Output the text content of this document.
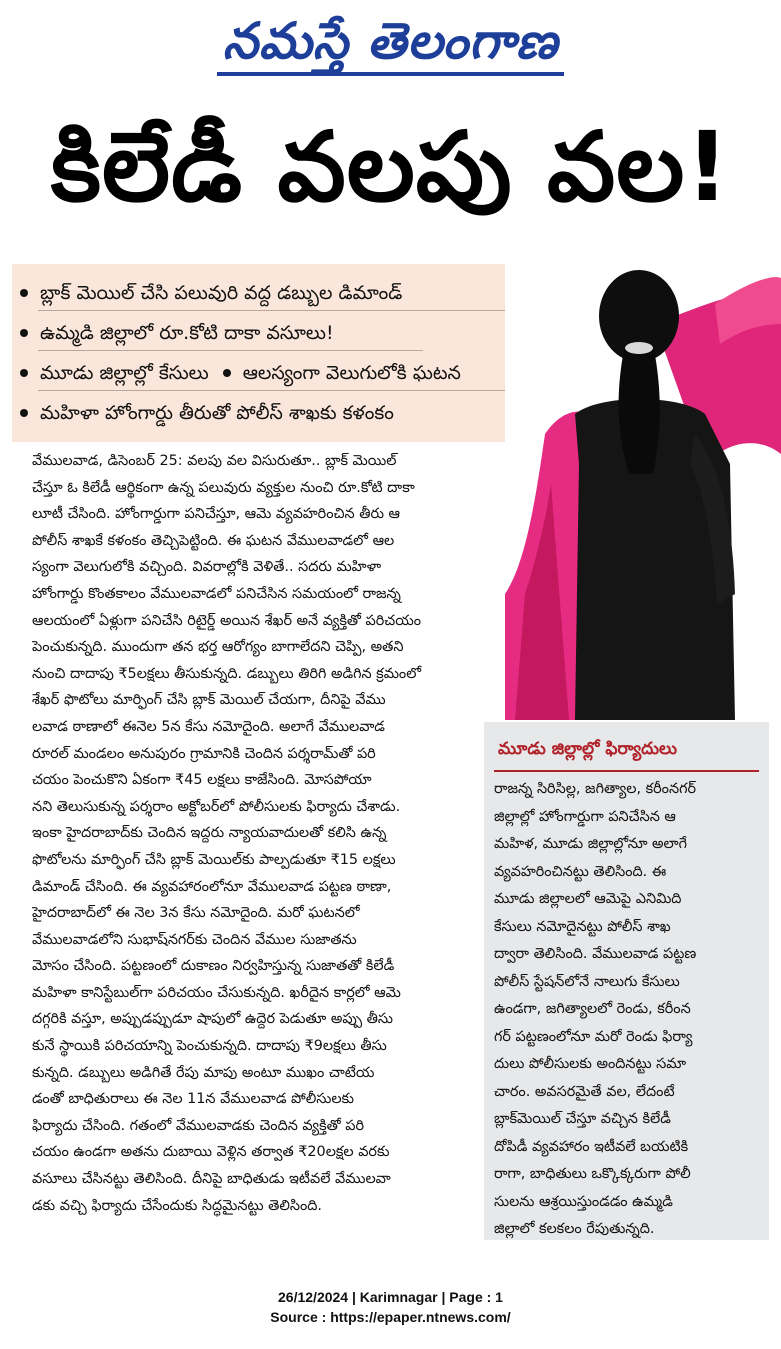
నమస్తే తెలంగాణ
కిలేడీ వలపు వల!
బ్లాక్ మెయిల్ చేసి పలువురి వద్ద డబ్బుల డిమాండ్
ఉమ్మడి జిల్లాలో రూ.కోటి దాకా వసూలు!
మూడు జిల్లాల్లో కేసులు ఆలస్యంగా వెలుగులోకి ఘటన
మహిళా హోంగార్డు తీరుతో పోలీస్ శాఖకు కళంకం
వేములవాడ, డిసెంబర్ 25: వలపు వల విసురుతూ.. బ్లాక్ మెయిల్
చేస్తూ ఓ కిలేడీ ఆర్థికంగా ఉన్న పలువురు వ్యక్తుల నుంచి రూ.కోటి దాకా
లూటీ చేసింది. హోంగార్డుగా పనిచేస్తూ, ఆమె వ్యవహరించిన తీరు ఆ
పోలీస్ శాఖకే కళంకం తెచ్చిపెట్టింది. ఈ ఘటన వేములవాడలో ఆల
స్యంగా వెలుగులోకి వచ్చింది. వివరాల్లోకి వెళితే.. సదరు మహిళా
హోంగార్డు కొంతకాలం వేములవాడలో పనిచేసిన సమయంలో రాజన్న
ఆలయంలో ఏళ్లుగా పనిచేసి రిటైర్డ్ అయిన శేఖర్ అనే వ్యక్తితో పరిచయం
పెంచుకున్నది. ముందుగా తన భర్త ఆరోగ్యం బాగాలేదని చెప్పి, అతని
నుంచి దాదాపు ₹5లక్షలు తీసుకున్నది. డబ్బులు తిరిగి అడిగిన క్రమంలో
శేఖర్ ఫొటోలు మార్ఫింగ్ చేసి బ్లాక్ మెయిల్ చేయగా, దీనిపై వేము
లవాడ ఠాణాలో ఈనెల 5న కేసు నమోదైంది. అలాగే వేములవాడ
రూరల్ మండలం అనుపురం గ్రామానికి చెందిన పర్శరామ్‌తో పరి
చయం పెంచుకొని ఏకంగా ₹45 లక్షలు కాజేసింది. మోసపోయా
నని తెలుసుకున్న పర్శరాం అక్టోబర్‌లో పోలీసులకు ఫిర్యాదు చేశాడు.
ఇంకా హైదరాబాద్‌కు చెందిన ఇద్దరు న్యాయవాదులతో కలిసి ఉన్న
ఫొటోలను మార్ఫింగ్ చేసి బ్లాక్ మెయిల్‌కు పాల్పడుతూ ₹15 లక్షలు
డిమాండ్ చేసింది. ఈ వ్యవహారంలోనూ వేములవాడ పట్టణ ఠాణా,
హైదరాబాద్‌లో ఈ నెల 3న కేసు నమోదైంది. మరో ఘటనలో
వేములవాడలోని సుభాష్‌నగర్‌కు చెందిన వేముల సుజాతను
మోసం చేసింది. పట్టణంలో దుకాణం నిర్వహిస్తున్న సుజాతతో కిలేడీ
మహిళా కానిస్టేబుల్‌గా పరిచయం చేసుకున్నది. ఖరీదైన కార్లలో ఆమె
దగ్గరికి వస్తూ, అప్పుడప్పుడూ షాపులో ఉద్దెర పెడుతూ అప్పు తీసు
కునే స్థాయికి పరిచయాన్ని పెంచుకున్నది. దాదాపు ₹9లక్షలు తీసు
కున్నది. డబ్బులు అడిగితే రేపు మాపు అంటూ ముఖం చాటేయ
డంతో బాధితురాలు ఈ నెల 11న వేములవాడ పోలీసులకు
ఫిర్యాదు చేసింది. గతంలో వేములవాడకు చెందిన వ్యక్తితో పరి
చయం ఉండగా అతను దుబాయి వెళ్లిన తర్వాత ₹20లక్షల వరకు
వసూలు చేసినట్టు తెలిసింది. దీనిపై బాధితుడు ఇటీవలే వేములవా
డకు వచ్చి ఫిర్యాదు చేసేందుకు సిద్ధమైనట్టు తెలిసింది.
మూడు జిల్లాల్లో ఫిర్యాదులు
రాజన్న సిరిసిల్ల, జగిత్యాల, కరీంనగర్
జిల్లాల్లో హోంగార్డుగా పనిచేసిన ఆ
మహిళ, మూడు జిల్లాల్లోనూ అలాగే
వ్యవహరించినట్టు తెలిసింది. ఈ
మూడు జిల్లాలలో ఆమెపై ఎనిమిది
కేసులు నమోదైనట్టు పోలీస్ శాఖ
ద్వారా తెలిసింది. వేములవాడ పట్టణ
పోలీస్ స్టేషన్‌లోనే నాలుగు కేసులు
ఉండగా, జగిత్యాలలో రెండు, కరీంన
గర్ పట్టణంలోనూ మరో రెండు ఫిర్యా
దులు పోలీసులకు అందినట్టు సమా
చారం. అవసరమైతే వల, లేదంటే
బ్లాక్‌మెయిల్ చేస్తూ వచ్చిన కిలేడీ
దోపిడీ వ్యవహారం ఇటీవలే బయటికి
రాగా, బాధితులు ఒక్కొక్కరుగా పోలీ
సులను ఆశ్రయిస్తుండడం ఉమ్మడి
జిల్లాలో కలకలం రేపుతున్నది.
26/12/2024 | Karimnagar | Page : 1
Source : https://epaper.ntnews.com/
